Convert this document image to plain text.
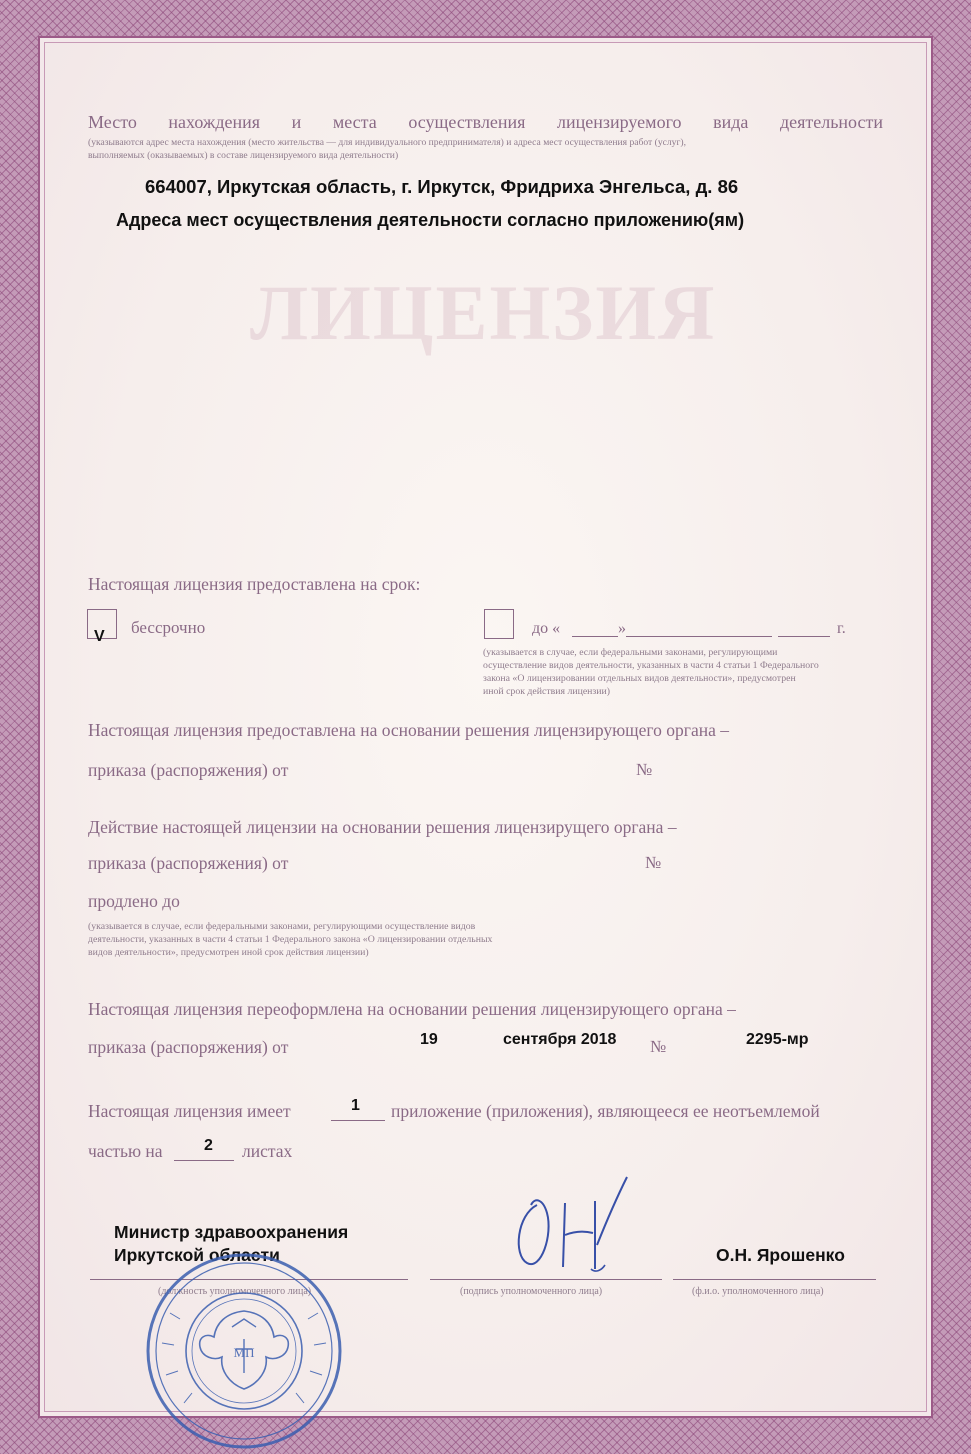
ЛИЦЕНЗИЯ
Место нахождения и места осуществления лицензируемого вида деятельности
(указываются адрес места нахождения (место жительства — для индивидуального предпринимателя) и адреса мест осуществления работ (услуг),
выполняемых (оказываемых) в составе лицензируемого вида деятельности)
664007, Иркутская область, г. Иркутск, Фридриха Энгельса, д. 86
Адреса мест осуществления деятельности согласно приложению(ям)
Настоящая лицензия предоставлена на срок:
V бессрочно	до «	»	г.
(указывается в случае, если федеральными законами, регулирующими
осуществление видов деятельности, указанных в части 4 статьи 1 Федерального
закона «О лицензировании отдельных видов деятельности», предусмотрен
иной срок действия лицензии)
Настоящая лицензия предоставлена на основании решения лицензирующего органа –
приказа (распоряжения) от	№
Действие настоящей лицензии на основании решения лицензирущего органа –
приказа (распоряжения) от	№
продлено до
(указывается в случае, если федеральными законами, регулирующими осуществление видов
деятельности, указанных в части 4 статьи 1 Федерального закона «О лицензировании отдельных
видов деятельности», предусмотрен иной срок действия лицензии)
Настоящая лицензия переоформлена на основании решения лицензирующего органа –
приказа (распоряжения) от	19	сентября 2018 №	2295-мр
Настоящая лицензия имеет	1 приложение (приложения), являющееся ее неотъемлемой
частью на	2 листах
Министр здравоохранения
Иркутской области
(должность уполномоченного лица)	(подпись уполномоченного лица)
О.Н. Ярошенко
(ф.и.о. уполномоченного лица)
МП
